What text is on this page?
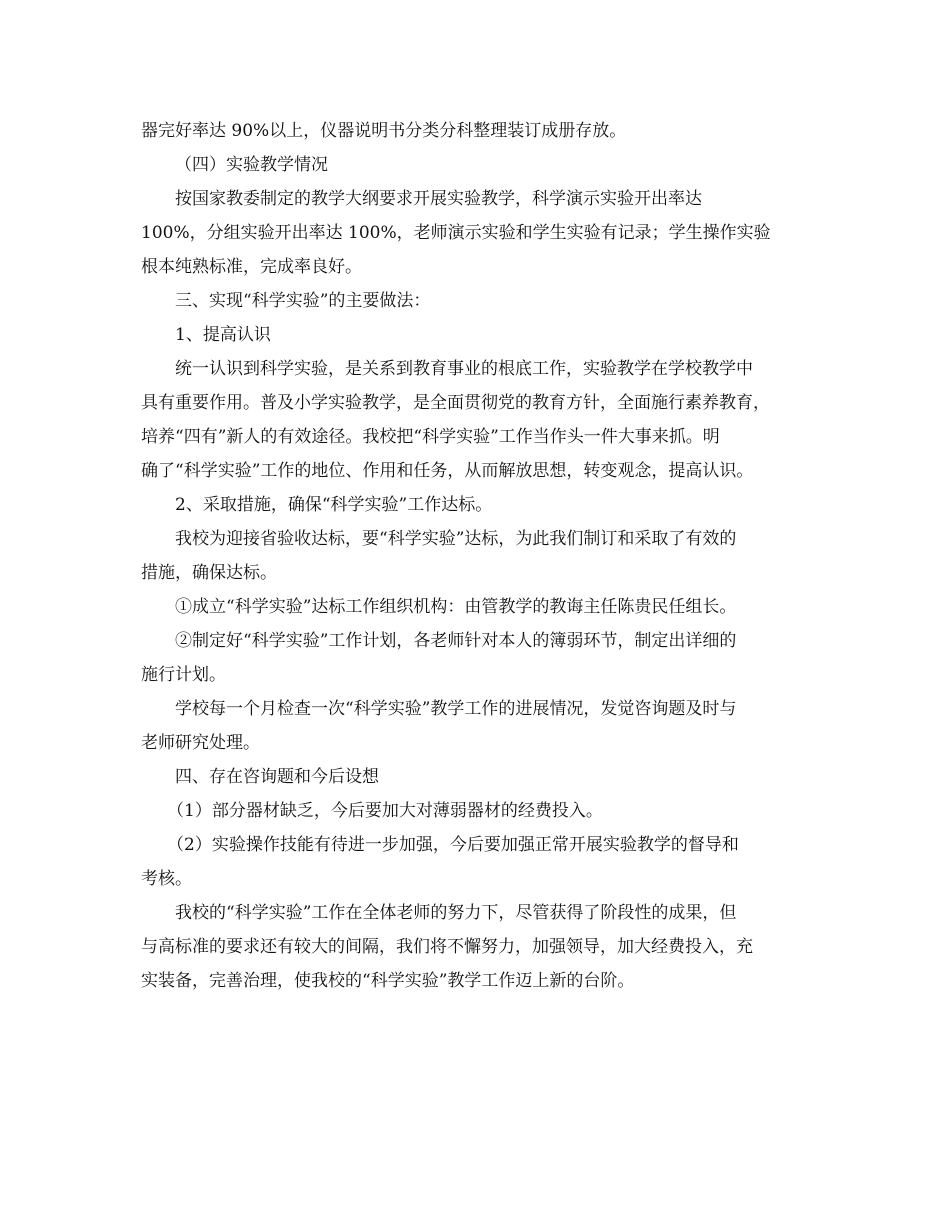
器完好率达 90%以上，仪器说明书分类分科整理装订成册存放。
（四）实验教学情况
按国家教委制定的教学大纲要求开展实验教学，科学演示实验开出率达
100%，分组实验开出率达 100%，老师演示实验和学生实验有记录；学生操作实验
根本纯熟标准，完成率良好。
三、实现“科学实验”的主要做法：
1、提高认识
统一认识到科学实验，是关系到教育事业的根底工作，实验教学在学校教学中
具有重要作用。普及小学实验教学，是全面贯彻党的教育方针，全面施行素养教育，
培养“四有”新人的有效途径。我校把“科学实验”工作当作头一件大事来抓。明
确了“科学实验”工作的地位、作用和任务，从而解放思想，转变观念，提高认识。
2、采取措施，确保“科学实验”工作达标。
我校为迎接省验收达标，要“科学实验”达标，为此我们制订和采取了有效的
措施，确保达标。
①成立“科学实验”达标工作组织机构：由管教学的教诲主任陈贵民任组长。
②制定好“科学实验”工作计划，各老师针对本人的簿弱环节，制定出详细的
施行计划。
学校每一个月检查一次“科学实验”教学工作的进展情况，发觉咨询题及时与
老师研究处理。
四、存在咨询题和今后设想
（1）部分器材缺乏，今后要加大对薄弱器材的经费投入。
（2）实验操作技能有待进一步加强，今后要加强正常开展实验教学的督导和
考核。
我校的“科学实验”工作在全体老师的努力下，尽管获得了阶段性的成果，但
与高标准的要求还有较大的间隔，我们将不懈努力，加强领导，加大经费投入，充
实装备，完善治理，使我校的“科学实验”教学工作迈上新的台阶。
